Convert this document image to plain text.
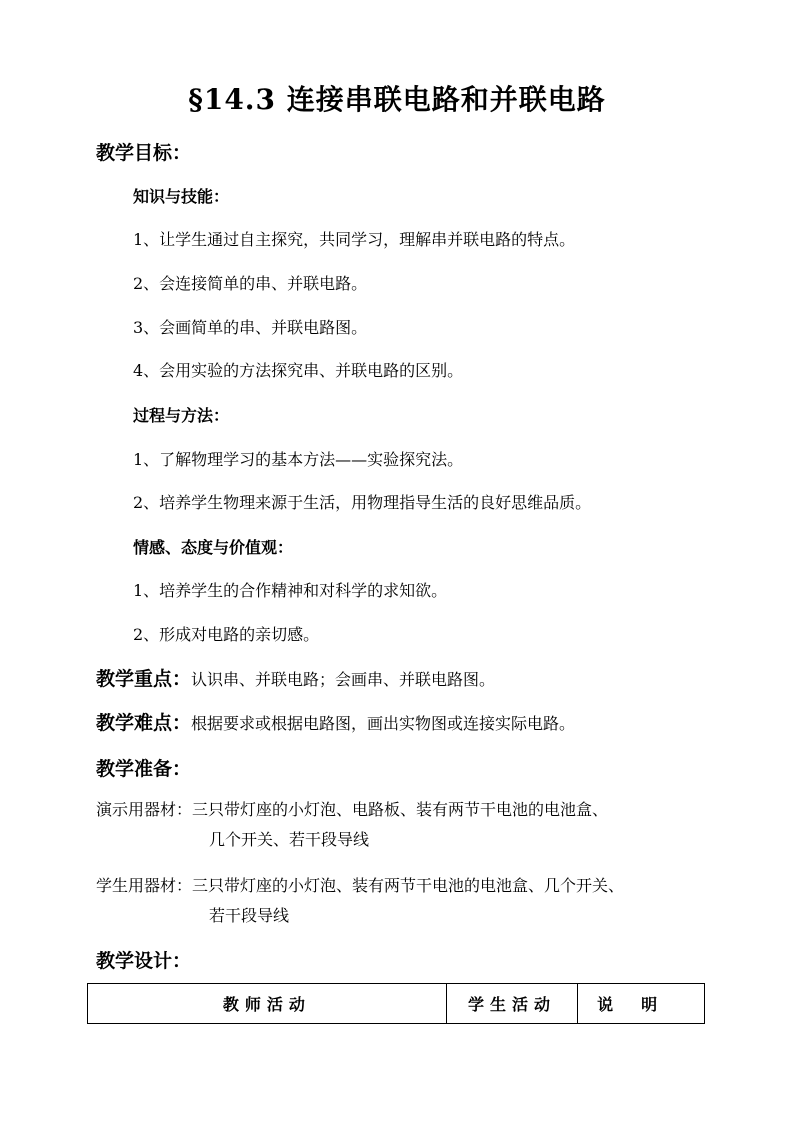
§14.3 连接串联电路和并联电路
教学目标：
知识与技能：
1、让学生通过自主探究，共同学习，理解串并联电路的特点。
2、会连接简单的串、并联电路。
3、会画简单的串、并联电路图。
4、会用实验的方法探究串、并联电路的区别。
过程与方法：
1、了解物理学习的基本方法——实验探究法。
2、培养学生物理来源于生活，用物理指导生活的良好思维品质。
情感、态度与价值观：
1、培养学生的合作精神和对科学的求知欲。
2、形成对电路的亲切感。
教学重点：认识串、并联电路；会画串、并联电路图。
教学难点：根据要求或根据电路图，画出实物图或连接实际电路。
教学准备：
演示用器材：三只带灯座的小灯泡、电路板、装有两节干电池的电池盒、
几个开关、若干段导线
学生用器材：三只带灯座的小灯泡、装有两节干电池的电池盒、几个开关、
若干段导线
教学设计：
教师活动	学生活动	说明
